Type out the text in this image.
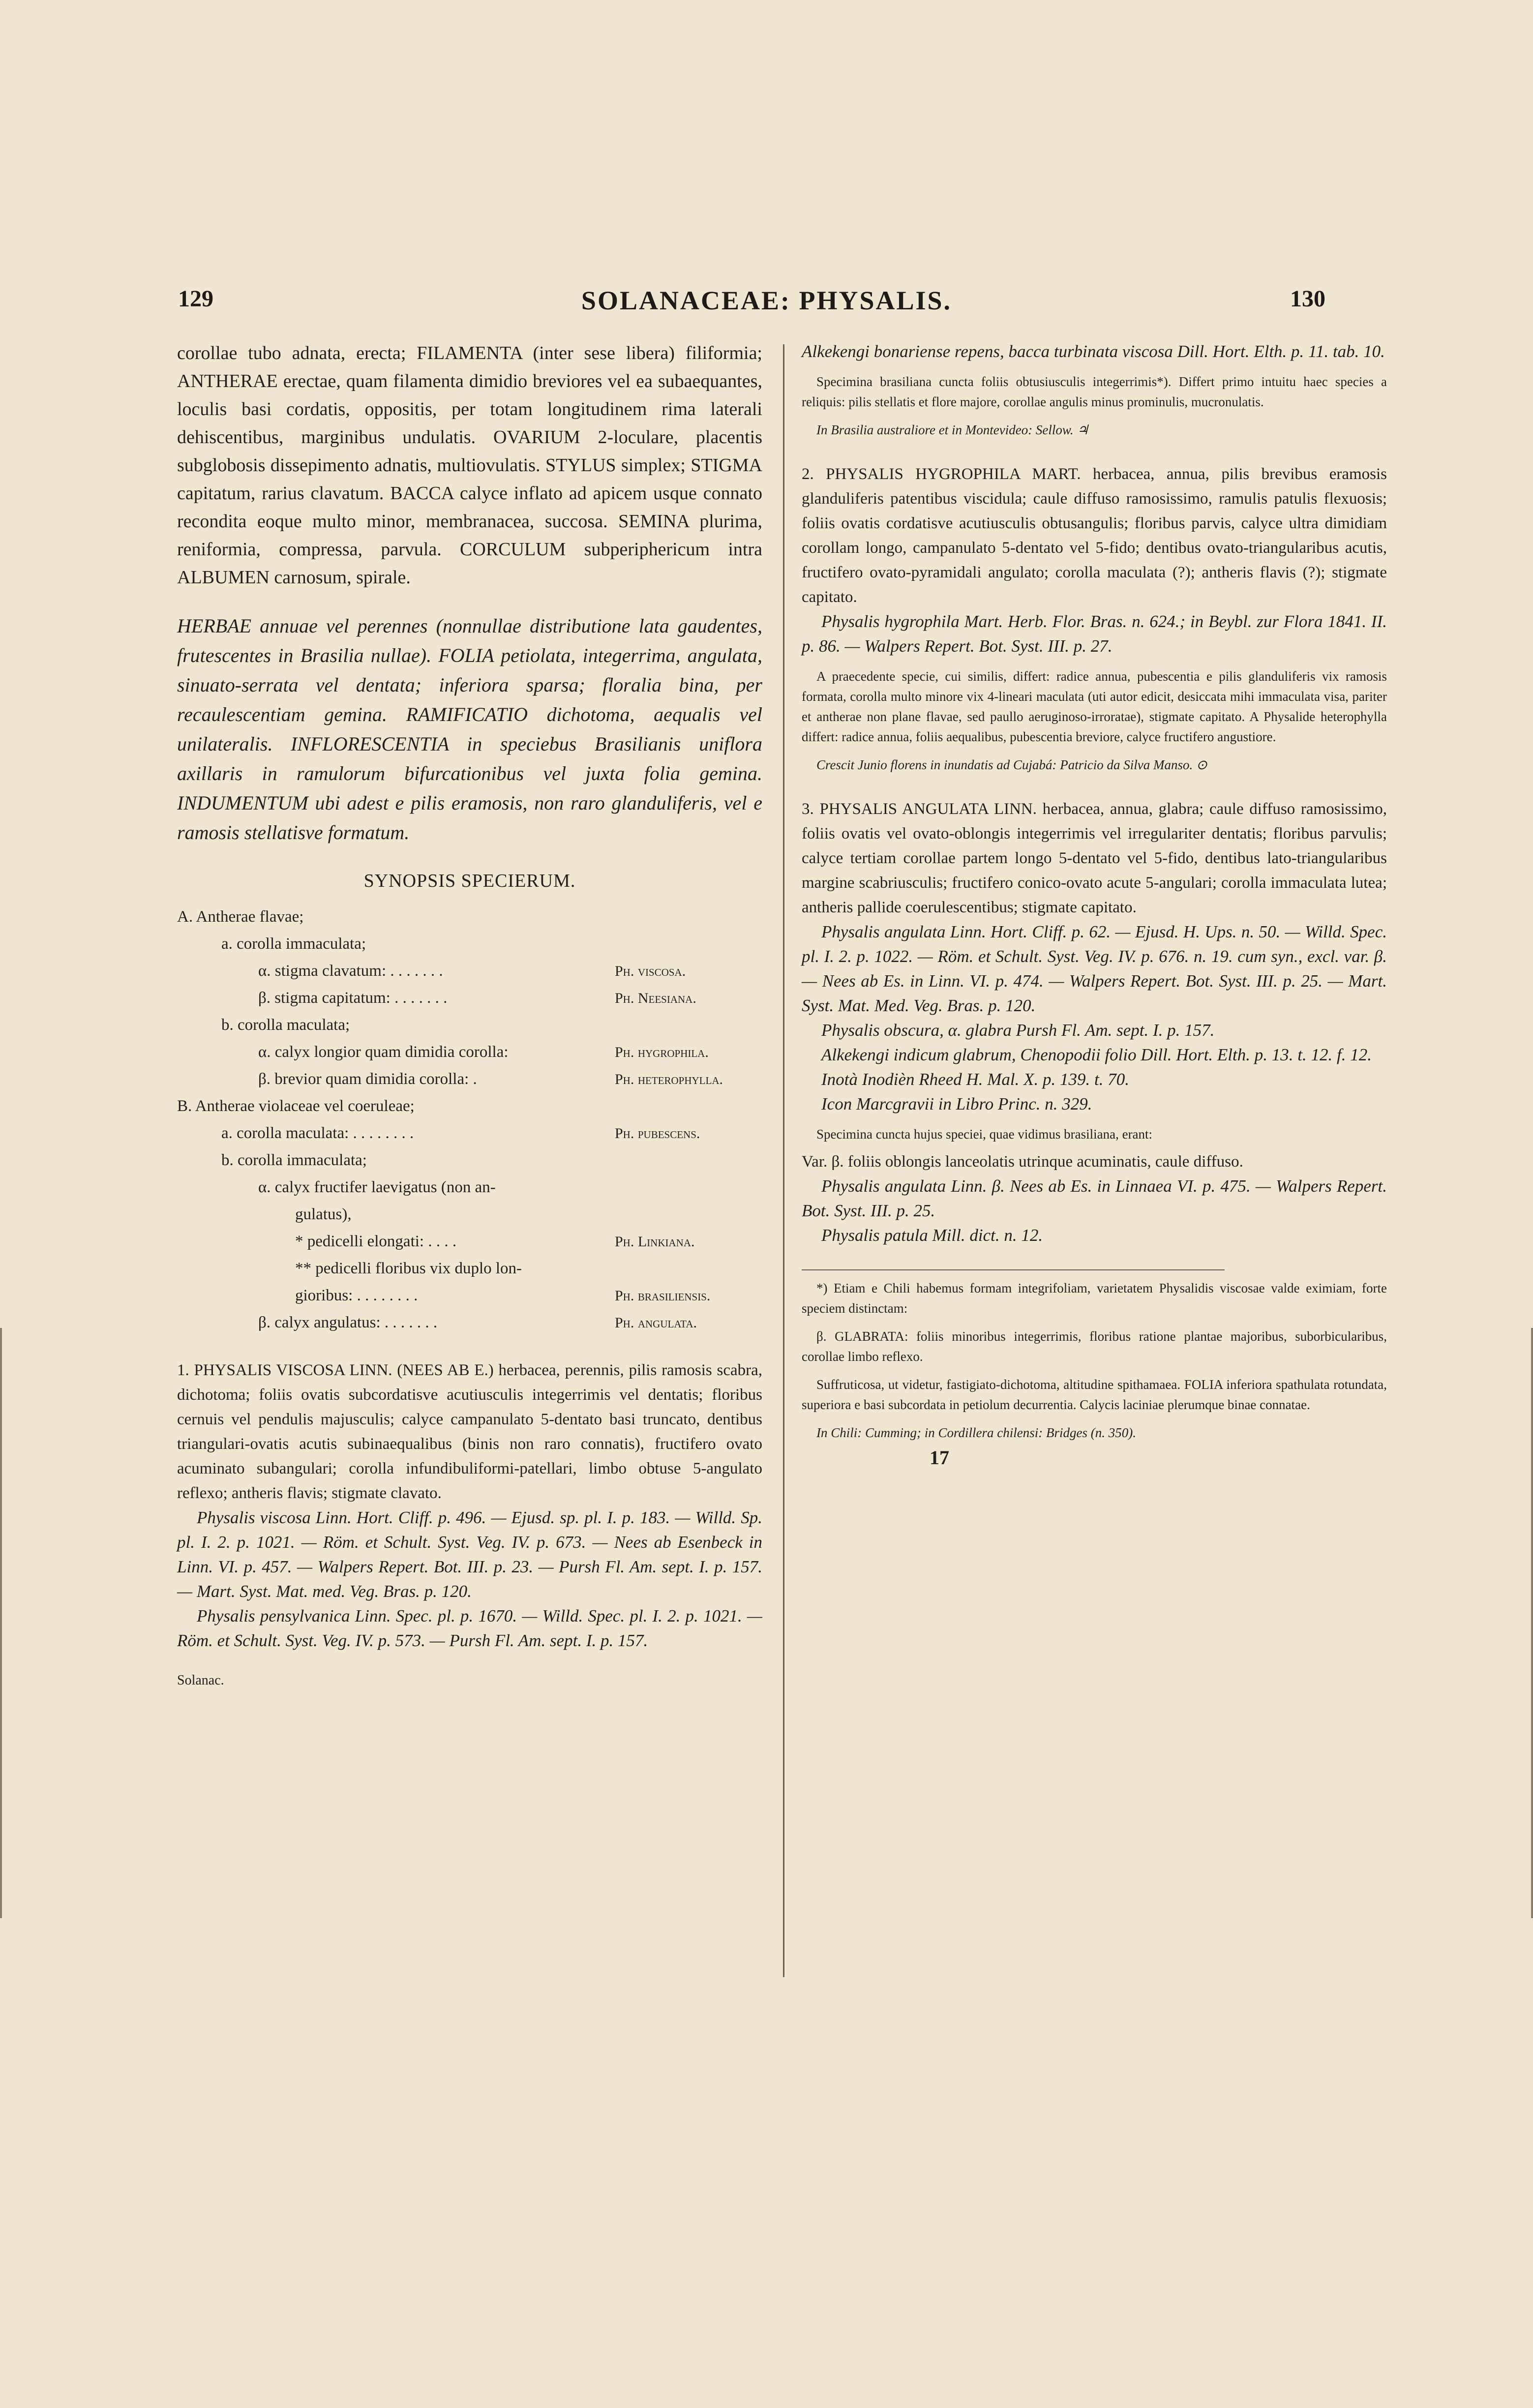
129	SOLANACEAE: PHYSALIS.	130

corollae tubo adnata, erecta; FILAMENTA (inter sese libera) filiformia; ANTHERAE erectae, quam filamenta dimidio breviores vel ea subaequantes, loculis basi cordatis, oppositis, per totam longitudinem rima laterali dehiscentibus, marginibus undulatis. OVARIUM 2-loculare, placentis subglobosis dissepimento adnatis, multiovulatis. STYLUS simplex; STIGMA capitatum, rarius clavatum. BACCA calyce inflato ad apicem usque connato recondita eoque multo minor, membranacea, succosa. SEMINA plurima, reniformia, compressa, parvula. CORCULUM subperiphericum intra ALBUMEN carnosum, spirale.

HERBAE annuae vel perennes (nonnullae distributione lata gaudentes, frutescentes in Brasilia nullae). FOLIA petiolata, integerrima, angulata, sinuato-serrata vel dentata; inferiora sparsa; floralia bina, per recaulescentiam gemina. RAMIFICATIO dichotoma, aequalis vel unilateralis. INFLORESCENTIA in speciebus Brasilianis uniflora axillaris in ramulorum bifurcationibus vel juxta folia gemina. INDUMENTUM ubi adest e pilis eramosis, non raro glanduliferis, vel e ramosis stellatisve formatum.

SYNOPSIS SPECIERUM.
A. Antherae flavae;
a. corolla immaculata;
α. stigma clavatum: . . . . . . .	Ph. viscosa.
β. stigma capitatum: . . . . . . .	Ph. Neesiana.
b. corolla maculata;
α. calyx longior quam dimidia corolla:	Ph. hygrophila.
β. brevior quam dimidia corolla: .	Ph. heterophylla.
B. Antherae violaceae vel coeruleae;
a. corolla maculata: . . . . . . . .	Ph. pubescens.
b. corolla immaculata;
α. calyx fructifer laevigatus (non an-
gulatus),
* pedicelli elongati: . . . .	Ph. Linkiana.
** pedicelli floribus vix duplo lon-
gioribus: . . . . . . . .	Ph. brasiliensis.
β. calyx angulatus: . . . . . . .	Ph. angulata.

1. PHYSALIS VISCOSA LINN. (NEES AB E.) herbacea, perennis, pilis ramosis scabra, dichotoma; foliis ovatis subcordatisve acutiusculis integerrimis vel dentatis; floribus cernuis vel pendulis majusculis; calyce campanulato 5-dentato basi truncato, dentibus triangulari-ovatis acutis subinaequalibus (binis non raro connatis), fructifero ovato acuminato subangulari; corolla infundibuliformi-patellari, limbo obtuse 5-angulato reflexo; antheris flavis; stigmate clavato.

Physalis viscosa Linn. Hort. Cliff. p. 496. — Ejusd. sp. pl. I. p. 183. — Willd. Sp. pl. I. 2. p. 1021. — Röm. et Schult. Syst. Veg. IV. p. 673. — Nees ab Esenbeck in Linn. VI. p. 457. — Walpers Repert. Bot. III. p. 23. — Pursh Fl. Am. sept. I. p. 157. — Mart. Syst. Mat. med. Veg. Bras. p. 120.

Physalis pensylvanica Linn. Spec. pl. p. 1670. — Willd. Spec. pl. I. 2. p. 1021. — Röm. et Schult. Syst. Veg. IV. p. 573. — Pursh Fl. Am. sept. I. p. 157.

Solanac.

Alkekengi bonariense repens, bacca turbinata viscosa Dill. Hort. Elth. p. 11. tab. 10.

Specimina brasiliana cuncta foliis obtusiusculis integerrimis*). Differt primo intuitu haec species a reliquis: pilis stellatis et flore majore, corollae angulis minus prominulis, mucronulatis.

In Brasilia australiore et in Montevideo: Sellow. ♃

2. PHYSALIS HYGROPHILA MART. herbacea, annua, pilis brevibus eramosis glanduliferis patentibus viscidula; caule diffuso ramosissimo, ramulis patulis flexuosis; foliis ovatis cordatisve acutiusculis obtusangulis; floribus parvis, calyce ultra dimidiam corollam longo, campanulato 5-dentato vel 5-fido; dentibus ovato-triangularibus acutis, fructifero ovato-pyramidali angulato; corolla maculata (?); antheris flavis (?); stigmate capitato.

Physalis hygrophila Mart. Herb. Flor. Bras. n. 624.; in Beybl. zur Flora 1841. II. p. 86. — Walpers Repert. Bot. Syst. III. p. 27.

A praecedente specie, cui similis, differt: radice annua, pubescentia e pilis glanduliferis vix ramosis formata, corolla multo minore vix 4-lineari maculata (uti autor edicit, desiccata mihi immaculata visa, pariter et antherae non plane flavae, sed paullo aeruginoso-irroratae), stigmate capitato. A Physalide heterophylla differt: radice annua, foliis aequalibus, pubescentia breviore, calyce fructifero angustiore.

Crescit Junio florens in inundatis ad Cujabá: Patricio da Silva Manso. ⊙

3. PHYSALIS ANGULATA LINN. herbacea, annua, glabra; caule diffuso ramosissimo, foliis ovatis vel ovato-oblongis integerrimis vel irregulariter dentatis; floribus parvulis; calyce tertiam corollae partem longo 5-dentato vel 5-fido, dentibus lato-triangularibus margine scabriusculis; fructifero conico-ovato acute 5-angulari; corolla immaculata lutea; antheris pallide coerulescentibus; stigmate capitato.

Physalis angulata Linn. Hort. Cliff. p. 62. — Ejusd. H. Ups. n. 50. — Willd. Spec. pl. I. 2. p. 1022. — Röm. et Schult. Syst. Veg. IV. p. 676. n. 19. cum syn., excl. var. β. — Nees ab Es. in Linn. VI. p. 474. — Walpers Repert. Bot. Syst. III. p. 25. — Mart. Syst. Mat. Med. Veg. Bras. p. 120.

Physalis obscura, α. glabra Pursh Fl. Am. sept. I. p. 157.

Alkekengi indicum glabrum, Chenopodii folio Dill. Hort. Elth. p. 13. t. 12. f. 12.

Inotà Inodièn Rheed H. Mal. X. p. 139. t. 70.

Icon Marcgravii in Libro Princ. n. 329.

Specimina cuncta hujus speciei, quae vidimus brasiliana, erant:

Var. β. foliis oblongis lanceolatis utrinque acuminatis, caule diffuso.

Physalis angulata Linn. β. Nees ab Es. in Linnaea VI. p. 475. — Walpers Repert. Bot. Syst. III. p. 25.

Physalis patula Mill. dict. n. 12.

*) Etiam e Chili habemus formam integrifoliam, varietatem Physalidis viscosae valde eximiam, forte speciem distinctam:

β. GLABRATA: foliis minoribus integerrimis, floribus ratione plantae majoribus, suborbicularibus, corollae limbo reflexo.

Suffruticosa, ut videtur, fastigiato-dichotoma, altitudine spithamaea. FOLIA inferiora spathulata rotundata, superiora e basi subcordata in petiolum decurrentia. Calycis laciniae plerumque binae connatae.

In Chili: Cumming; in Cordillera chilensi: Bridges (n. 350).

17
